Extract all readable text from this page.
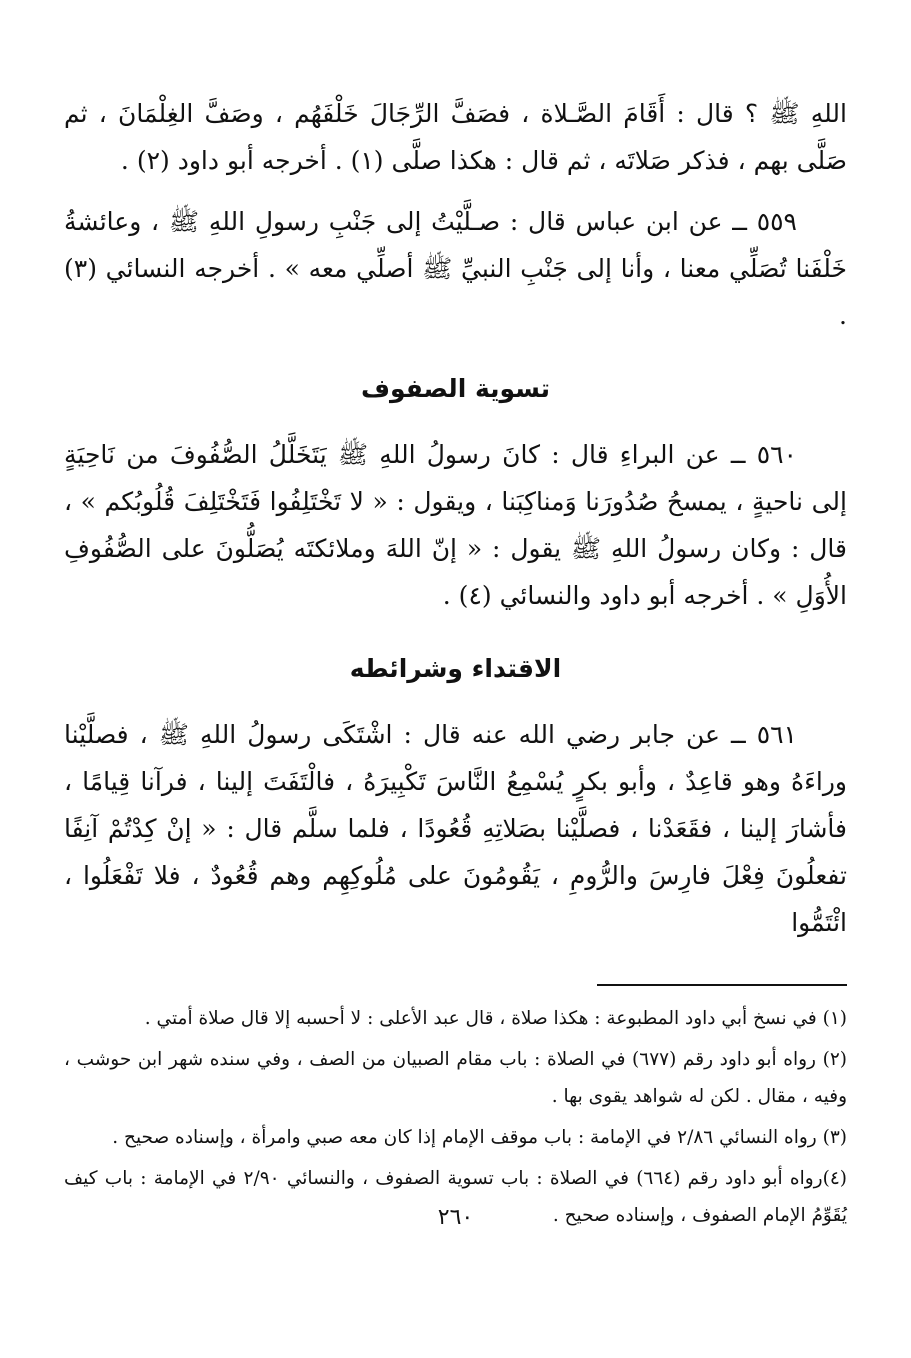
اللهِ ﷺ ؟ قال : أَقَامَ الصَّـلاة ، فصَفَّ الرِّجَالَ خَلْفَهُم ، وصَفَّ الغِلْمَانَ ، ثم صَلَّى بهم ، فذكر صَلاتَه ، ثم قال : هكذا صلَّى (١) . أخرجه أبو داود (٢) .

٥٥٩ ــ عن ابن عباس قال : صـلَّيْتُ إلى جَنْبِ رسولِ اللهِ ﷺ ، وعائشةُ خَلْفَنا تُصَلِّي معنا ، وأنا إلى جَنْبِ النبيِّ ﷺ أصلِّي معه » . أخرجه النسائي (٣) .

تسوية الصفوف

٥٦٠ ــ عن البراءِ قال : كانَ رسولُ اللهِ ﷺ يَتَخَلَّلُ الصُّفُوفَ من نَاحِيَةٍ إلى ناحيةٍ ، يمسحُ صُدُورَنا وَمناكِبَنا ، ويقول : « لا تَخْتَلِفُوا فَتَخْتَلِفَ قُلُوبُكم » ، قال : وكان رسولُ اللهِ ﷺ يقول : « إنّ اللهَ وملائكتَه يُصَلُّونَ على الصُّفُوفِ الأُوَلِ » . أخرجه أبو داود والنسائي (٤) .

الاقتداء وشرائطه

٥٦١ ــ عن جابر رضي الله عنه قال : اشْتَكَى رسولُ اللهِ ﷺ ، فصلَّيْنا وراءَهُ وهو قاعِدٌ ، وأبو بكرٍ يُسْمِعُ النَّاسَ تَكْبِيرَهُ ، فالْتَفَتَ إلينا ، فرآنا قِيامًا ، فأشارَ إلينا ، فقَعَدْنا ، فصلَّيْنا بصَلاتِهِ قُعُودًا ، فلما سلَّم قال : « إنْ كِدْتُمْ آنِفًا تفعلُونَ فِعْلَ فارِسَ والرُّومِ ، يَقُومُونَ على مُلُوكِهِم وهم قُعُودٌ ، فلا تَفْعَلُوا ، ائْتَمُّوا

(١) في نسخ أبي داود المطبوعة : هكذا صلاة ، قال عبد الأعلى : لا أحسبه إلا قال صلاة أمتي .

(٢) رواه أبو داود رقم (٦٧٧) في الصلاة : باب مقام الصبيان من الصف ، وفي سنده شهر ابن حوشب ، وفيه ، مقال . لكن له شواهد يقوى بها .

(٣) رواه النسائي ٢/٨٦ في الإمامة : باب موقف الإمام إذا كان معه صبي وامرأة ، وإسناده صحيح .

(٤)رواه أبو داود رقم (٦٦٤) في الصلاة : باب تسوية الصفوف ، والنسائي ٢/٩٠ في الإمامة : باب كيف يُقَوِّمُ الإمام الصفوف ، وإسناده صحيح .

٢٦٠
